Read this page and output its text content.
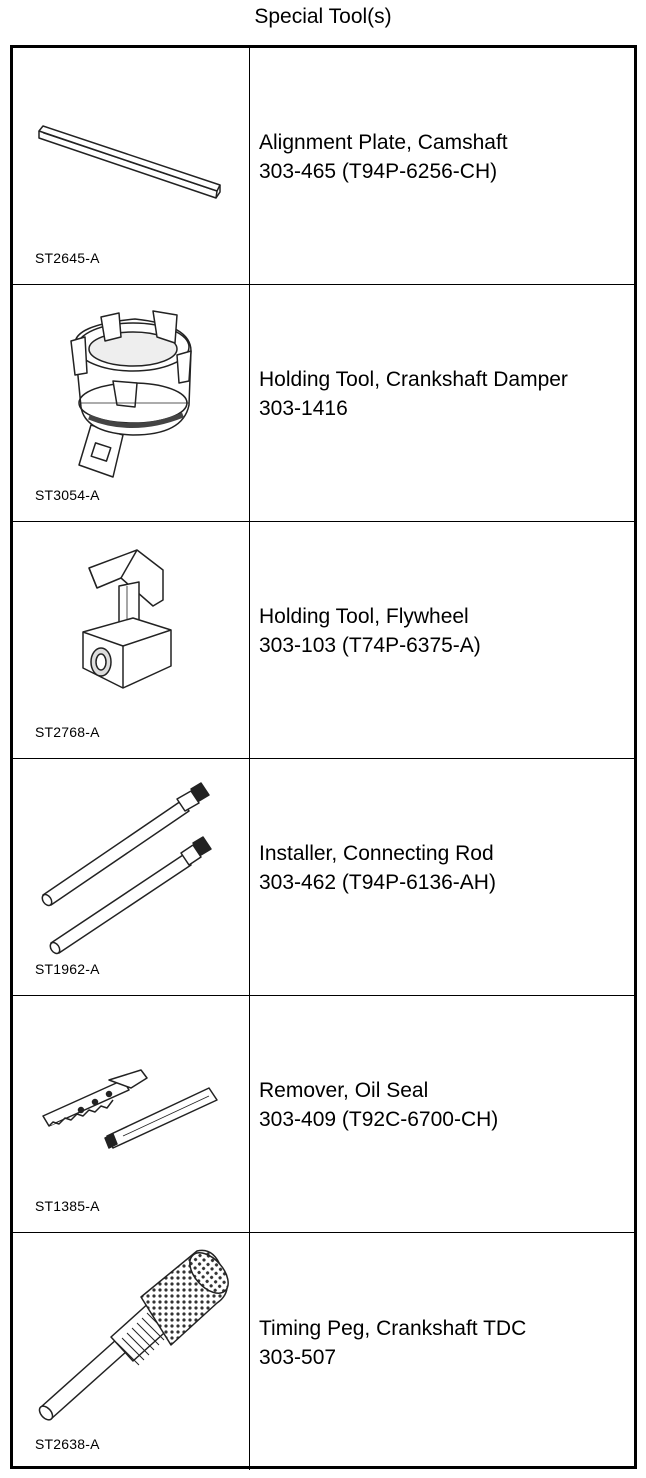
Special Tool(s)
ST2645-A
Alignment Plate, Camshaft
303-465 (T94P-6256-CH)
ST3054-A
Holding Tool, Crankshaft Damper
303-1416
ST2768-A
Holding Tool, Flywheel
303-103 (T74P-6375-A)
ST1962-A
Installer, Connecting Rod
303-462 (T94P-6136-AH)
ST1385-A
Remover, Oil Seal
303-409 (T92C-6700-CH)
ST2638-A
Timing Peg, Crankshaft TDC
303-507
